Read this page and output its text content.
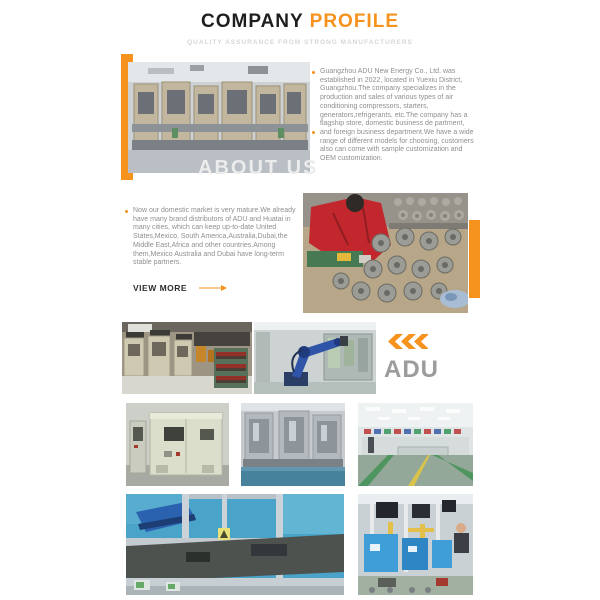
COMPANY PROFILE
QUALITY ASSURANCE FROM STRONG MANUFACTURERS
ABOUT US
Guangzhou ADU New Energy Co., Ltd. was established in 2022, located in Yuexiu District, Guangzhou.The company specializes in the production and sales of various types of air conditioning compressors, starters, generators,refrigerants, etc.The company has a flagship store, domestic business de partment,
and foreign business department.We have a wide range of different models for choosing, customers also can come with sample customization and OEM customization.
Now our domestic market is very mature.We already have many brand distributors of ADU and Huatai in many cities, which can keep up-to-date United States,Mexico, South America,Australia,Dubai,the Middle East,Africa and other countries.Among them,Mexico Australia and Dubai have long-term stable partners.
VIEW MORE
ADU
